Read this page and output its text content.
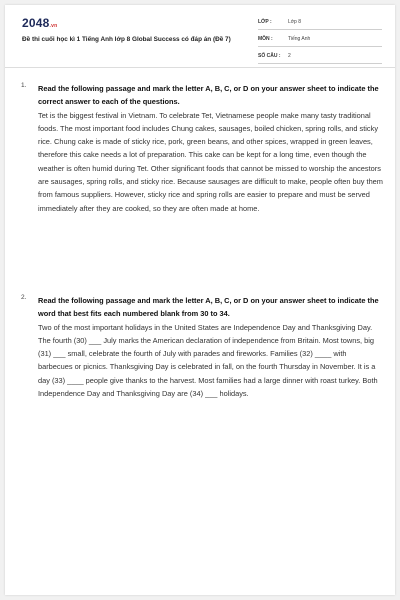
2048.vn
Đề thi cuối học kì 1 Tiếng Anh lớp 8 Global Success có đáp án (Đề 7)
LỚP :	Lớp 8
MÔN :	Tiếng Anh
SỐ CÂU : 2
1. Read the following passage and mark the letter A, B, C, or D on your answer sheet to indicate the correct answer to each of the questions.

Tet is the biggest festival in Vietnam. To celebrate Tet, Vietnamese people make many tasty traditional foods. The most important food includes Chung cakes, sausages, boiled chicken, spring rolls, and sticky rice. Chung cake is made of sticky rice, pork, green beans, and other spices, wrapped in green leaves, therefore this cake needs a lot of preparation. This cake can be kept for a long time, even though the weather is often humid during Tet. Other significant foods that cannot be missed to worship the ancestors are sausages, spring rolls, and sticky rice. Because sausages are difficult to make, people often buy them from famous suppliers. However, sticky rice and spring rolls are easier to prepare and must be served immediately after they are cooked, so they are often made at home.

2. Read the following passage and mark the letter A, B, C, or D on your answer sheet to indicate the word that best fits each numbered blank from 30 to 34.

Two of the most important holidays in the United States are Independence Day and Thanksgiving Day. The fourth (30) ___ July marks the American declaration of independence from Britain. Most towns, big (31) ___ small, celebrate the fourth of July with parades and fireworks. Families (32) ____ with barbecues or picnics. Thanksgiving Day is celebrated in fall, on the fourth Thursday in November. It is a day (33) ____ people give thanks to the harvest. Most families had a large dinner with roast turkey. Both Independence Day and Thanksgiving Day are (34) ___ holidays.
